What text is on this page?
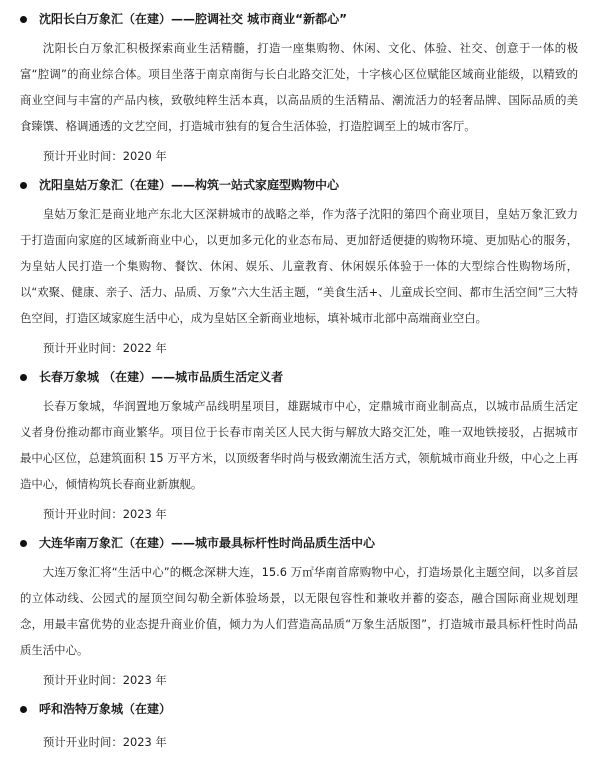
沈阳长白万象汇（在建）——腔调社交 城市商业“新都心”

沈阳长白万象汇积极探索商业生活精髓，打造一座集购物、休闲、文化、体验、社交、创意于一体的极富“腔调”的商业综合体。项目坐落于南京南街与长白北路交汇处，十字核心区位赋能区域商业能级，以精致的商业空间与丰富的产品内核，致敬纯粹生活本真，以高品质的生活精品、潮流活力的轻奢品牌、国际品质的美食臻馔、格调通透的文艺空间，打造城市独有的复合生活体验，打造腔调至上的城市客厅。

预计开业时间：2020 年
沈阳皇姑万象汇（在建）——构筑一站式家庭型购物中心

皇姑万象汇是商业地产东北大区深耕城市的战略之举，作为落子沈阳的第四个商业项目，皇姑万象汇致力于打造面向家庭的区域新商业中心，以更加多元化的业态布局、更加舒适便捷的购物环境、更加贴心的服务，为皇姑人民打造一个集购物、餐饮、休闲、娱乐、儿童教育、休闲娱乐体验于一体的大型综合性购物场所，以“欢聚、健康、亲子、活力、品质、万象”六大生活主题，“美食生活+、儿童成长空间、都市生活空间”三大特色空间，打造区域家庭生活中心，成为皇姑区全新商业地标，填补城市北部中高端商业空白。

预计开业时间：2022 年
长春万象城 （在建）——城市品质生活定义者

长春万象城，华润置地万象城产品线明星项目，雄踞城市中心，定鼎城市商业制高点，以城市品质生活定义者身份推动都市商业繁华。项目位于长春市南关区人民大街与解放大路交汇处，唯一双地铁接驳，占据城市最中心区位，总建筑面积 15 万平方米，以顶级奢华时尚与极致潮流生活方式，领航城市商业升级，中心之上再造中心，倾情构筑长春商业新旗舰。

预计开业时间：2023 年
大连华南万象汇（在建）——城市最具标杆性时尚品质生活中心

大连万象汇将“生活中心”的概念深耕大连，15.6 万㎡华南首席购物中心，打造场景化主题空间，以多首层的立体动线、公园式的屋顶空间勾勒全新体验场景，以无限包容性和兼收并蓄的姿态，融合国际商业规划理念，用最丰富优势的业态提升商业价值，倾力为人们营造高品质“万象生活版图”，打造城市最具标杆性时尚品质生活中心。

预计开业时间：2023 年
呼和浩特万象城（在建）
预计开业时间：2023 年
